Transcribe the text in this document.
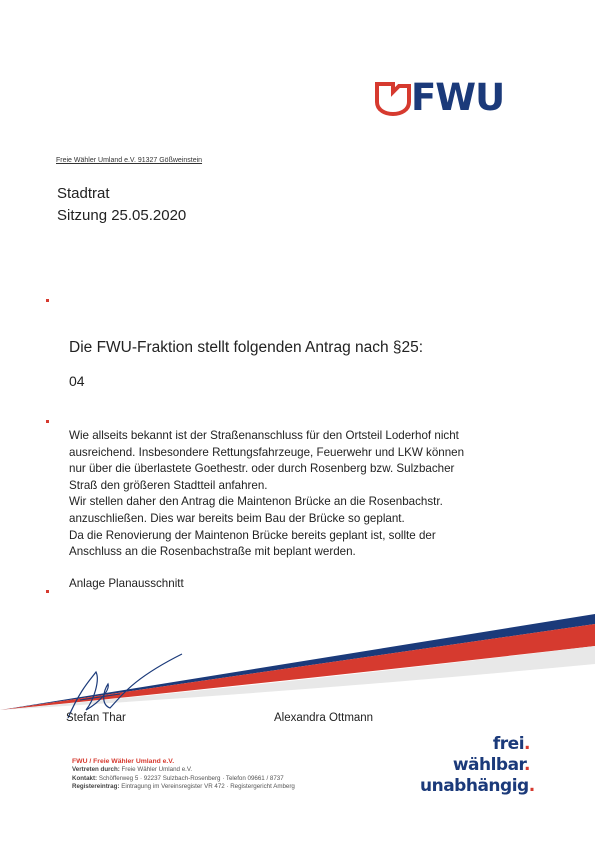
FWU
Freie Wähler Umland e.V. 91327 Gößweinstein
Stadtrat
Sitzung 25.05.2020
Die FWU-Fraktion stellt folgenden Antrag nach §25:
04

Wie allseits bekannt ist der Straßenanschluss für den Ortsteil Loderhof nicht ausreichend. Insbesondere Rettungsfahrzeuge, Feuerwehr und LKW können nur über die überlastete Goethestr. oder durch Rosenberg bzw. Sulzbacher Straß den größeren Stadtteil anfahren.

Wir stellen daher den Antrag die Maintenon Brücke an die Rosenbachstr. anzuschließen. Dies war bereits beim Bau der Brücke so geplant.

Da die Renovierung der Maintenon Brücke bereits geplant ist, sollte der Anschluss an die Rosenbachstraße mit beplant werden.

Anlage Planausschnitt
Stefan Thar	Alexandra Ottmann
FWU / Freie Wähler Umland e.V.
Vertreten durch: Freie Wähler Umland e.V.
Kontakt: Schöfferweg 5 · 92237 Sulzbach-Rosenberg · Telefon 09661 / 8737
Registereintrag: Eintragung im Vereinsregister VR 472 · Registergericht Amberg
frei.
wählbar.
unabhängig.
